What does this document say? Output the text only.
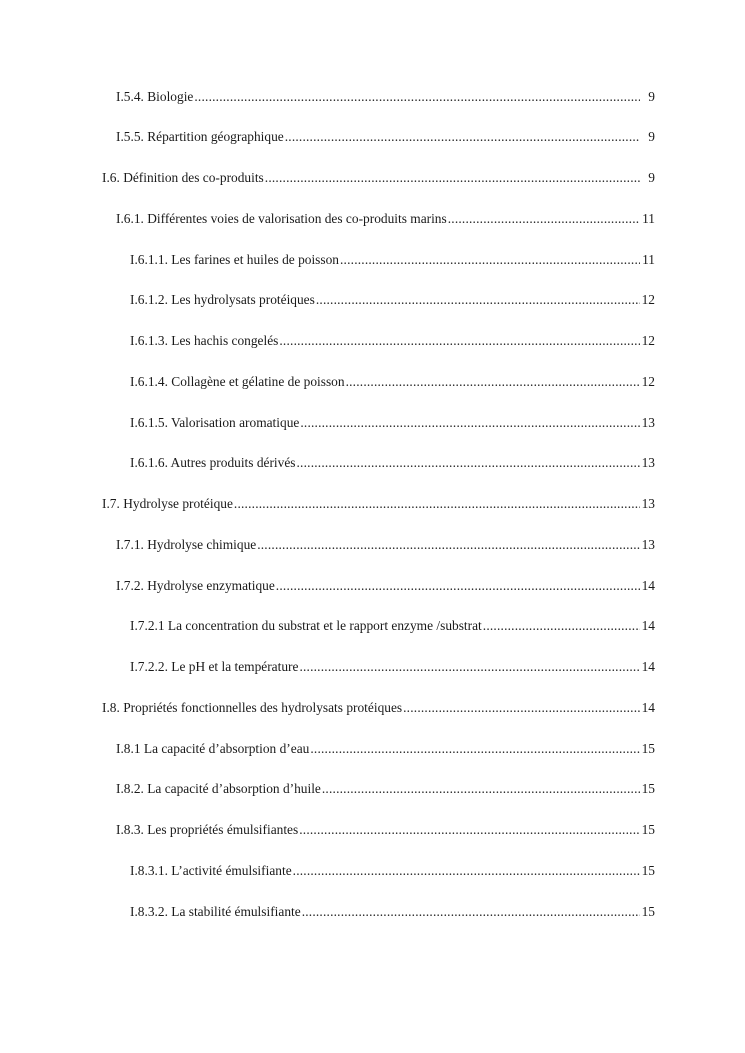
I.5.4. Biologie .....	9
I.5.5. Répartition géographique .....	9
I.6. Définition des co-produits .....	9
I.6.1. Différentes voies de valorisation des co-produits marins .....	11
I.6.1.1. Les farines et huiles de poisson .....	11
I.6.1.2. Les hydrolysats protéiques .....	12
I.6.1.3. Les hachis congelés .....	12
I.6.1.4. Collagène et gélatine de poisson .....	12
I.6.1.5. Valorisation aromatique .....	13
I.6.1.6. Autres produits dérivés .....	13
I.7. Hydrolyse protéique .....	13
I.7.1. Hydrolyse chimique .....	13
I.7.2. Hydrolyse enzymatique .....	14
I.7.2.1 La concentration du substrat et le rapport enzyme /substrat .....	14
I.7.2.2. Le pH et la température .....	14
I.8. Propriétés fonctionnelles des hydrolysats protéiques .....	14
I.8.1 La capacité d’absorption d’eau .....	15
I.8.2. La capacité d’absorption d’huile .....	15
I.8.3. Les propriétés émulsifiantes .....	15
I.8.3.1. L’activité émulsifiante .....	15
I.8.3.2. La stabilité émulsifiante .....	15
